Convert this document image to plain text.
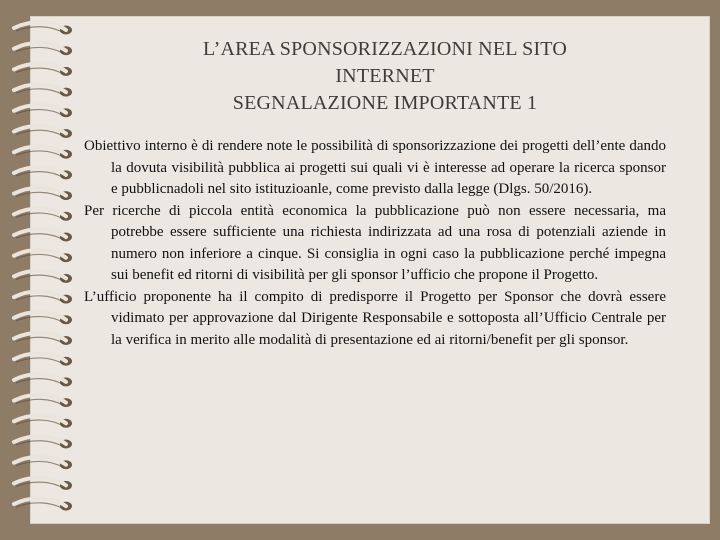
L’AREA SPONSORIZZAZIONI NEL SITO
INTERNET
SEGNALAZIONE IMPORTANTE 1

Obiettivo interno è di rendere note le possibilità di sponsorizzazione dei progetti dell’ente dando la dovuta visibilità pubblica ai progetti sui quali vi è interesse ad operare la ricerca sponsor e pubblicnadoli nel sito istituzioanle, come previsto dalla legge (Dlgs. 50/2016).

Per ricerche di piccola entità economica la pubblicazione può non essere necessaria, ma potrebbe essere sufficiente una richiesta indirizzata ad una rosa di potenziali aziende in numero non inferiore a cinque. Si consiglia in ogni caso la pubblicazione perché impegna sui benefit ed ritorni di visibilità per gli sponsor l’ufficio che propone il Progetto.

L’ufficio proponente ha il compito di predisporre il Progetto per Sponsor che dovrà essere vidimato per approvazione dal Dirigente Responsabile e sottoposta all’Ufficio Centrale per la verifica in merito alle modalità di presentazione ed ai ritorni/benefit per gli sponsor.
